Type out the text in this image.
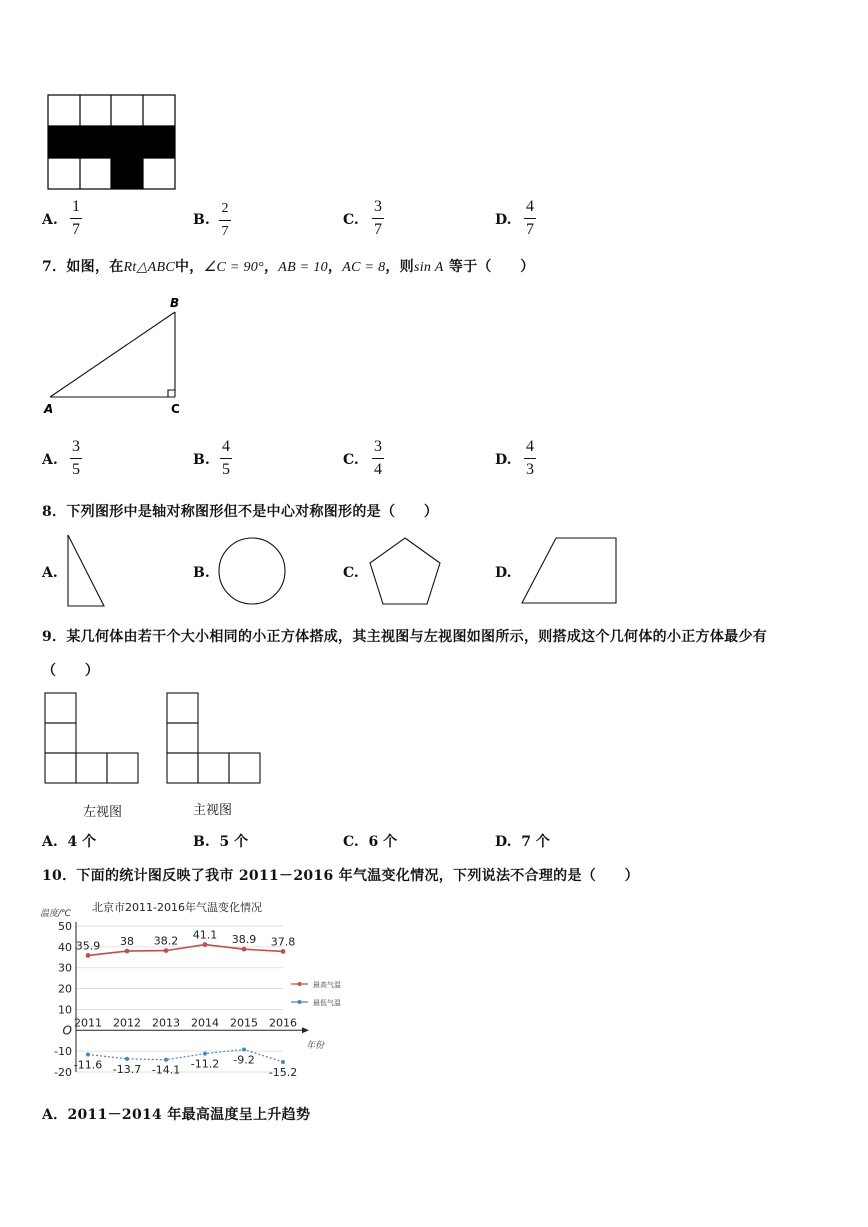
A.
1
7
B.
2
7
C.
3
7
D.
4
7
7．如图，在Rt△ABC中，∠C = 90°，AB = 10，AC = 8，则sin A 等于（　　）
A
B
C
A.
3
5
B.
4
5
C.
3
4
D.
4
3
8．下列图形中是轴对称图形但不是中心对称图形的是（　　）
A.	B.	C.	D.
9．某几何体由若干个大小相同的小正方体搭成，其主视图与左视图如图所示，则搭成这个几何体的小正方体最少有
（　　）
左视图	主视图
A. 4 个	B. 5 个	C. 6 个	D. 7 个
10．下面的统计图反映了我市 2011－2016 年气温变化情况，下列说法不合理的是（　　）
温度/℃ 北京市2011-2016年气温变化情况
年份
50
40
30
20
10
O
-10
-20
2011 2012 2013 2014 2015 2016
35.9 38 38.2 41.1 38.9 37.8
-11.6 -13.7 -14.1 -11.2 -9.2
-15.2
最高气温
最低气温
A．2011－2014 年最高温度呈上升趋势
